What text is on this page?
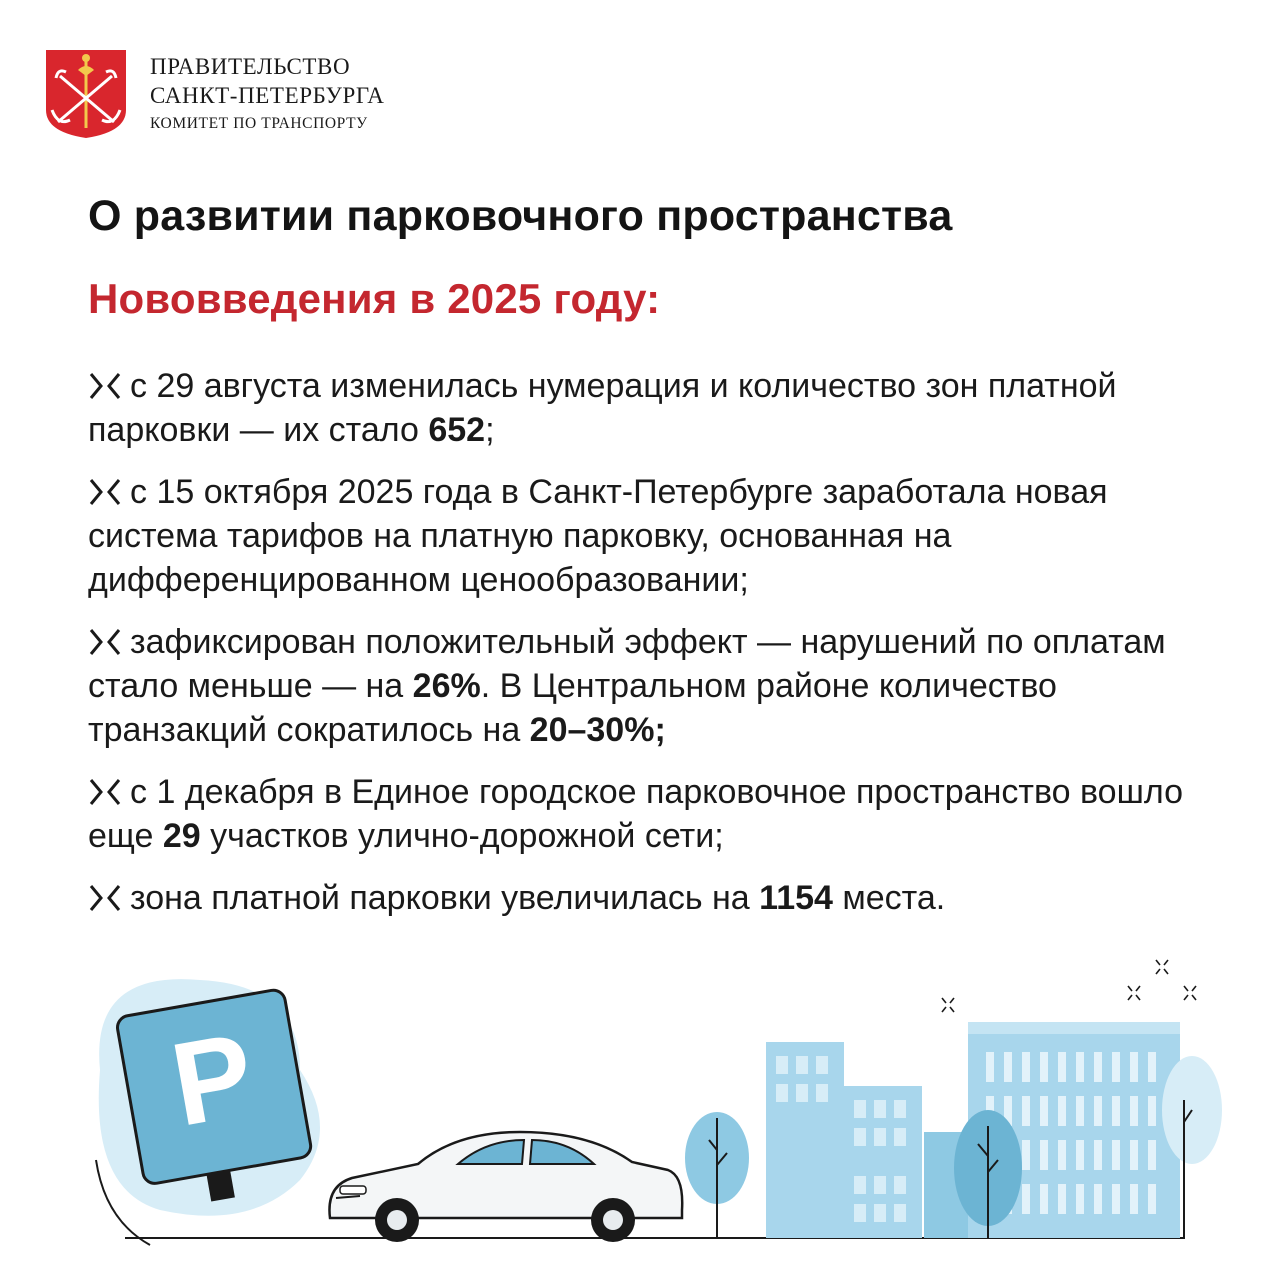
ПРАВИТЕЛЬСТВО
САНКТ-ПЕТЕРБУРГА
КОМИТЕТ ПО ТРАНСПОРТУ
О развитии парковочного пространства
Нововведения в 2025 году:
с 29 августа изменилась нумерация и количество зон платной парковки — их стало 652;
с 15 октября 2025 года в Санкт-Петербурге заработала новая система тарифов на платную парковку, основанная на дифференцированном ценообразовании;
зафиксирован положительный эффект — нарушений по оплатам стало меньше — на 26%. В Центральном районе количество транзакций сократилось на 20–30%;
с 1 декабря в Единое городское парковочное пространство вошло еще 29 участков улично-дорожной сети;
зона платной парковки увеличилась на 1154 места.
P
